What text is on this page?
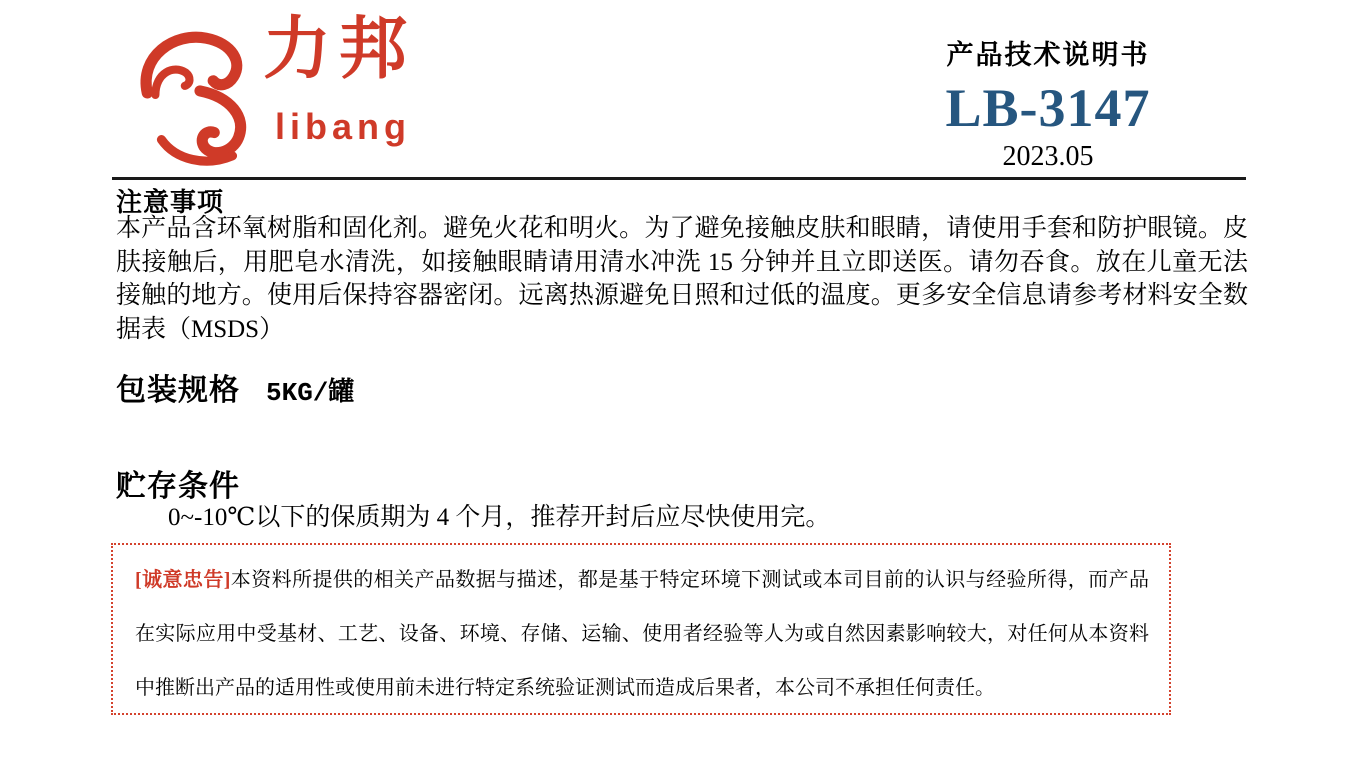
力邦
libang
产品技术说明书
LB-3147
2023.05
注意事项

本产品含环氧树脂和固化剂。避免火花和明火。为了避免接触皮肤和眼睛，请使用手套和防护眼镜。皮肤接触后，用肥皂水清洗，如接触眼睛请用清水冲洗 15 分钟并且立即送医。请勿吞食。放在儿童无法接触的地方。使用后保持容器密闭。远离热源避免日照和过低的温度。更多安全信息请参考材料安全数据表（MSDS）

包装规格 5KG/罐
贮存条件

0~-10℃以下的保质期为 4 个月，推荐开封后应尽快使用完。

[诚意忠告]本资料所提供的相关产品数据与描述，都是基于特定环境下测试或本司目前的认识与经验所得，而产品
在实际应用中受基材、工艺、设备、环境、存储、运输、使用者经验等人为或自然因素影响较大，对任何从本资料
中推断出产品的适用性或使用前未进行特定系统验证测试而造成后果者，本公司不承担任何责任。
